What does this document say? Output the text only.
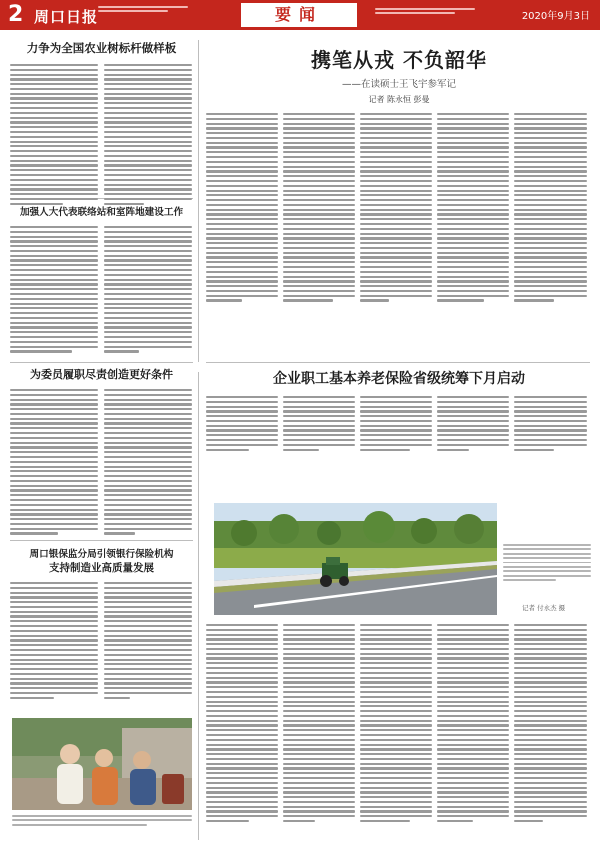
2 周口日报	要闻	2020年9月3日
力争为全国农业树标杆做样板
加强人大代表联络站和室阵地建设工作
为委员履职尽责创造更好条件
周口银保监分局引领银行保险机构
支持制造业高质量发展
携笔从戎 不负韶华
——在读硕士王飞宇参军记
记者 陈永恒 彭曼
企业职工基本养老保险省级统筹下月启动
记者 付永杰 摄
